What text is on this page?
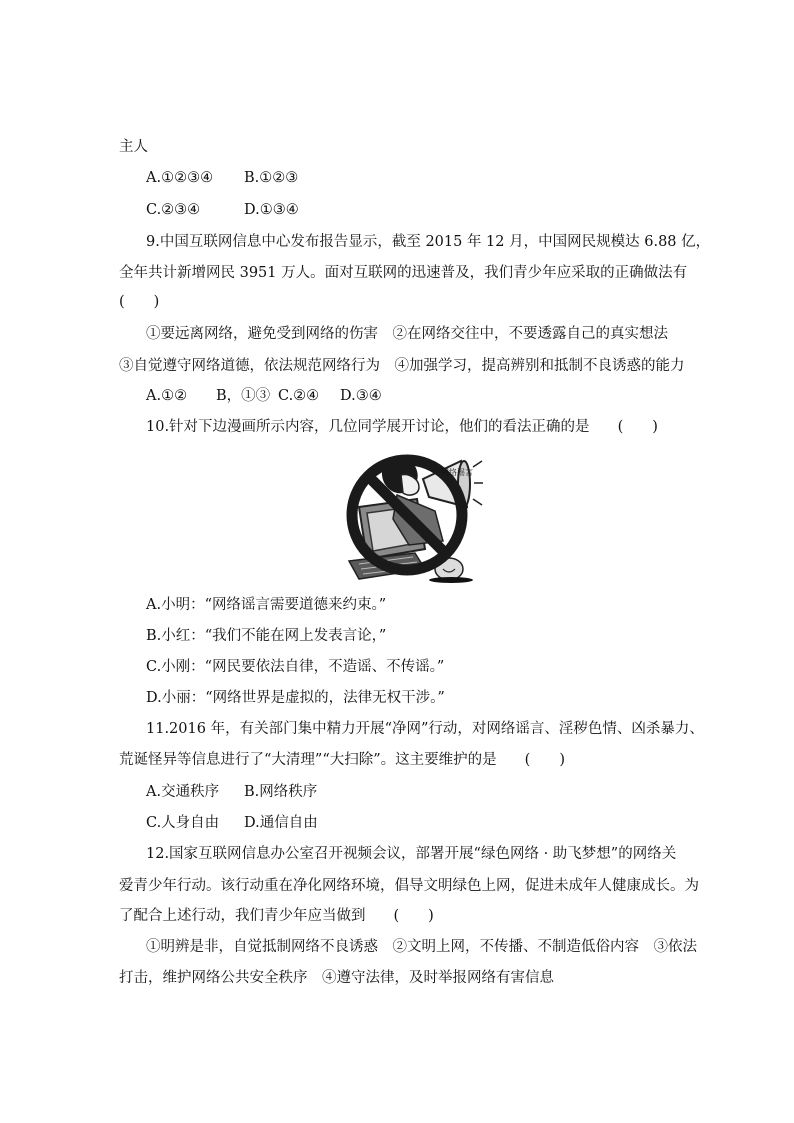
主人
A.①②③④ B.①②③
C.②③④	D.①③④
9.中国互联网信息中心发布报告显示，截至 2015 年 12 月，中国网民规模达 6.88 亿，
全年共计新增网民 3951 万人。面对互联网的迅速普及，我们青少年应采取的正确做法有
(　　)
①要远离网络，避免受到网络的伤害　②在网络交往中，不要透露自己的真实想法
③自觉遵守网络道德，依法规范网络行为　④加强学习，提高辨别和抵制不良诱惑的能力
A.①② B，①③ C.②④ D.③④
10.针对下边漫画所示内容，几位同学展开讨论，他们的看法正确的是 (　　)
网络谣言
A.小明：“网络谣言需要道德来约束。”
B.小红：“我们不能在网上发表言论，”
C.小刚：“网民要依法自律，不造谣、不传谣。”
D.小丽：“网络世界是虚拟的，法律无权干涉。”
11.2016 年，有关部门集中精力开展“净网”行动，对网络谣言、淫秽色情、凶杀暴力、
荒诞怪异等信息进行了“大清理”“大扫除”。这主要维护的是 (　　)
A.交通秩序 B.网络秩序
C.人身自由 D.通信自由
12.国家互联网信息办公室召开视频会议，部署开展“绿色网络 · 助飞梦想”的网络关
爱青少年行动。该行动重在净化网络环境，倡导文明绿色上网，促进未成年人健康成长。为
了配合上述行动，我们青少年应当做到 (　　)
①明辨是非，自觉抵制网络不良诱惑　②文明上网，不传播、不制造低俗内容　③依法
打击，维护网络公共安全秩序　④遵守法律，及时举报网络有害信息
